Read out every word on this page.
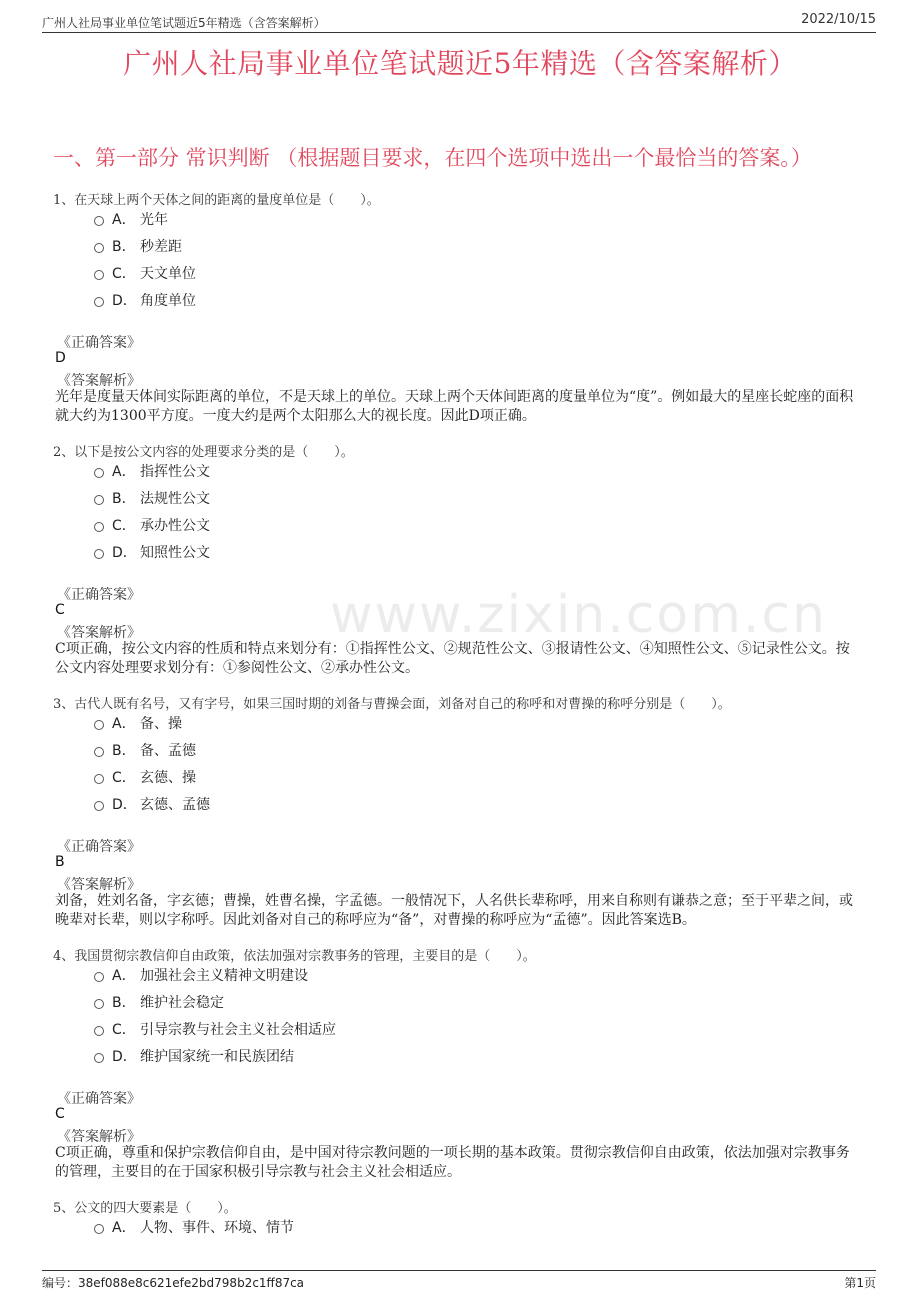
广州人社局事业单位笔试题近5年精选（含答案解析）	2022/10/15
广州人社局事业单位笔试题近5年精选（含答案解析）
一、第一部分 常识判断 （根据题目要求，在四个选项中选出一个最恰当的答案。）
www.zixin.com.cn
1、在天球上两个天体之间的距离的量度单位是（　　）。
A． 光年
B． 秒差距
C． 天文单位
D． 角度单位
《正确答案》
D
《答案解析》
光年是度量天体间实际距离的单位，不是天球上的单位。天球上两个天体间距离的度量单位为“度”。例如最大的星座长蛇座的面积就大约为1300平方度。一度大约是两个太阳那么大的视长度。因此D项正确。
2、以下是按公文内容的处理要求分类的是（　　）。
A． 指挥性公文
B． 法规性公文
C． 承办性公文
D． 知照性公文
《正确答案》
C
《答案解析》
C项正确，按公文内容的性质和特点来划分有：①指挥性公文、②规范性公文、③报请性公文、④知照性公文、⑤记录性公文。按公文内容处理要求划分有：①参阅性公文、②承办性公文。
3、古代人既有名号，又有字号，如果三国时期的刘备与曹操会面，刘备对自己的称呼和对曹操的称呼分别是（　　）。
A． 备、操
B． 备、孟德
C． 玄德、操
D． 玄德、孟德
《正确答案》
B
《答案解析》
刘备，姓刘名备，字玄德；曹操，姓曹名操，字孟德。一般情况下，人名供长辈称呼，用来自称则有谦恭之意；至于平辈之间，或晚辈对长辈，则以字称呼。因此刘备对自己的称呼应为“备”，对曹操的称呼应为“孟德”。因此答案选B。
4、我国贯彻宗教信仰自由政策，依法加强对宗教事务的管理，主要目的是（　　）。
A． 加强社会主义精神文明建设
B． 维护社会稳定
C． 引导宗教与社会主义社会相适应
D． 维护国家统一和民族团结
《正确答案》
C
《答案解析》
C项正确，尊重和保护宗教信仰自由，是中国对待宗教问题的一项长期的基本政策。贯彻宗教信仰自由政策，依法加强对宗教事务的管理，主要目的在于国家积极引导宗教与社会主义社会相适应。
5、公文的四大要素是（　　）。
A． 人物、事件、环境、情节
编号：38ef088e8c621efe2bd798b2c1ff87ca	第1页
